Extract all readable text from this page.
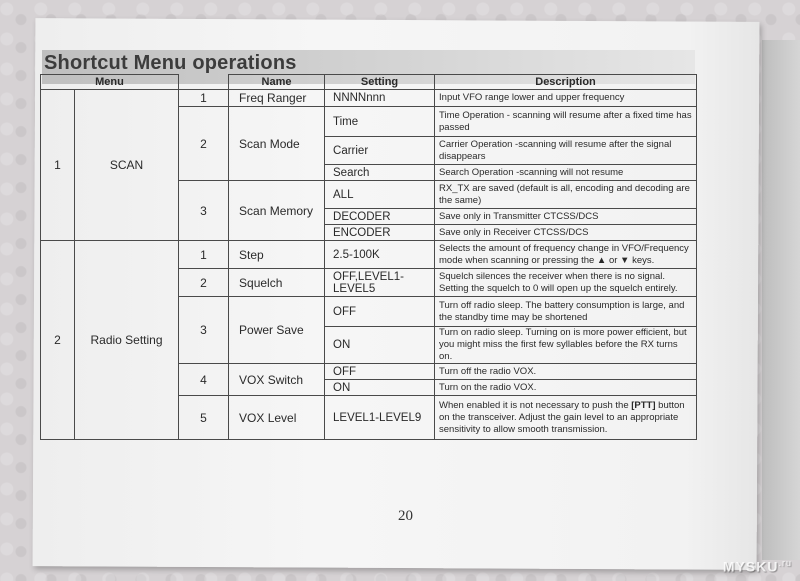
Shortcut Menu operations
Menu			Name	Setting	Description
1	SCAN	1	Freq Ranger	NNNNnnn	Input VFO range lower and upper frequency
		2	Scan Mode	Time	Time Operation - scanning will resume after a fixed time has passed
				Carrier	Carrier Operation -scanning will resume after the signal disappears
				Search	Search Operation -scanning will not resume
		3	Scan Memory	ALL	RX_TX are saved (default is all, encoding and decoding are the same)
				DECODER	Save only in Transmitter CTCSS/DCS
				ENCODER	Save only in Receiver CTCSS/DCS
2	Radio Setting	1	Step	2.5-100K	Selects the amount of frequency change in VFO/Frequency mode when scanning or pressing the ▲ or ▼ keys.
		2	Squelch	OFF,LEVEL1-LEVEL5	Squelch silences the receiver when there is no signal. Setting the squelch to 0 will open up the squelch entirely.
		3	Power Save	OFF	Turn off radio sleep. The battery consumption is large, and the standby time may be shortened
				ON	Turn on radio sleep. Turning on is more power efficient, but you might miss the first few syllables before the RX turns on.
		4	VOX Switch	OFF	Turn off the radio VOX.
				ON	Turn on the radio VOX.
		5	VOX Level	LEVEL1-LEVEL9	When enabled it is not necessary to push the [PTT] button on the transceiver. Adjust the gain level to an appropriate sensitivity to allow smooth transmission.
20
$MYSKU^{.ru}$
